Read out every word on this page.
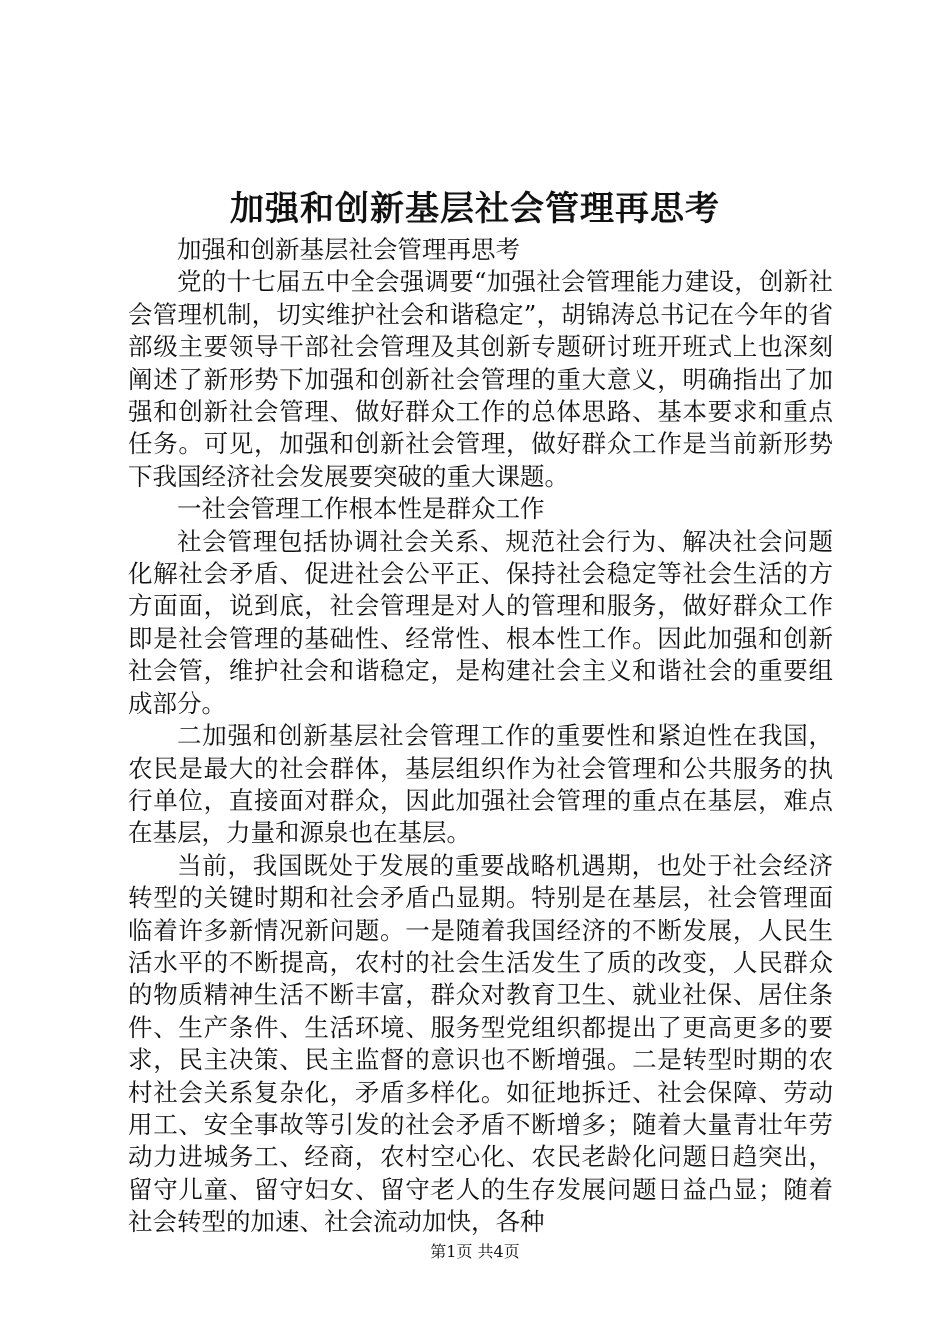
加强和创新基层社会管理再思考

加强和创新基层社会管理再思考

党的十七届五中全会强调要“加强社会管理能力建设，创新社会管理机制，切实维护社会和谐稳定”，胡锦涛总书记在今年的省部级主要领导干部社会管理及其创新专题研讨班开班式上也深刻阐述了新形势下加强和创新社会管理的重大意义，明确指出了加强和创新社会管理、做好群众工作的总体思路、基本要求和重点任务。可见，加强和创新社会管理，做好群众工作是当前新形势下我国经济社会发展要突破的重大课题。

一社会管理工作根本性是群众工作

社会管理包括协调社会关系、规范社会行为、解决社会问题化解社会矛盾、促进社会公平正、保持社会稳定等社会生活的方方面面，说到底，社会管理是对人的管理和服务，做好群众工作即是社会管理的基础性、经常性、根本性工作。因此加强和创新社会管，维护社会和谐稳定，是构建社会主义和谐社会的重要组成部分。

二加强和创新基层社会管理工作的重要性和紧迫性在我国，农民是最大的社会群体，基层组织作为社会管理和公共服务的执行单位，直接面对群众，因此加强社会管理的重点在基层，难点在基层，力量和源泉也在基层。

当前，我国既处于发展的重要战略机遇期，也处于社会经济转型的关键时期和社会矛盾凸显期。特别是在基层，社会管理面临着许多新情况新问题。一是随着我国经济的不断发展，人民生活水平的不断提高，农村的社会生活发生了质的改变，人民群众的物质精神生活不断丰富，群众对教育卫生、就业社保、居住条件、生产条件、生活环境、服务型党组织都提出了更高更多的要求，民主决策、民主监督的意识也不断增强。二是转型时期的农村社会关系复杂化，矛盾多样化。如征地拆迁、社会保障、劳动用工、安全事故等引发的社会矛盾不断增多；随着大量青壮年劳动力进城务工、经商，农村空心化、农民老龄化问题日趋突出，留守儿童、留守妇女、留守老人的生存发展问题日益凸显；随着社会转型的加速、社会流动加快，各种

第1页 共4页
